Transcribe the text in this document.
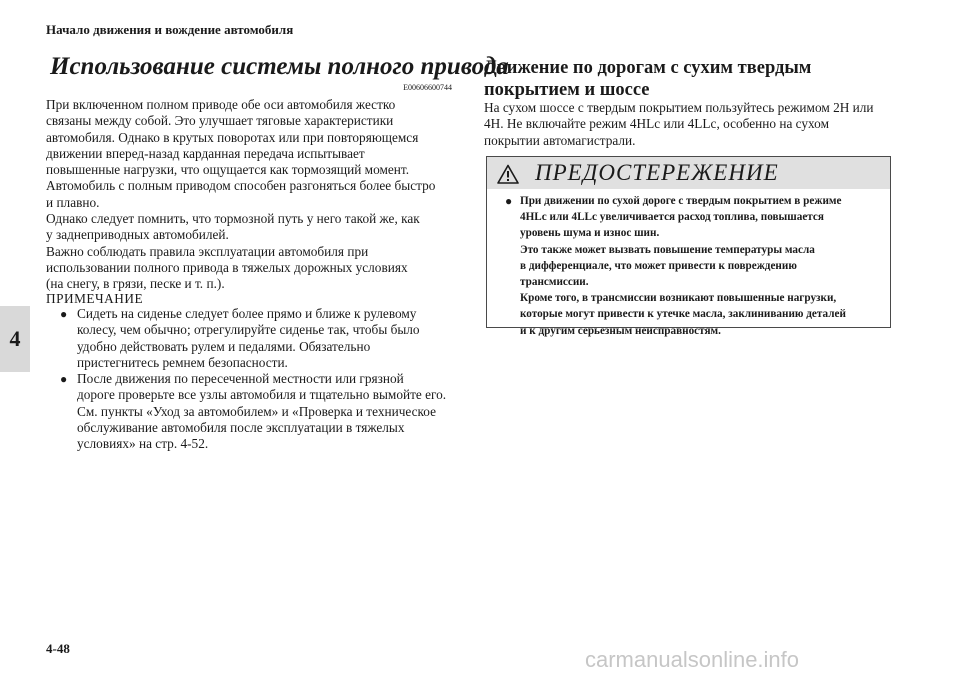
Начало движения и вождение автомобиля
4
Использование системы полного привода
E00606600744

При включенном полном приводе обе оси автомобиля жестко
связаны между собой. Это улучшает тяговые характеристики
автомобиля. Однако в крутых поворотах или при повторяющемся
движении вперед-назад карданная передача испытывает
повышенные нагрузки, что ощущается как тормозящий момент.
Автомобиль с полным приводом способен разгоняться более быстро
и плавно.

Однако следует помнить, что тормозной путь у него такой же, как
у заднеприводных автомобилей.

Важно соблюдать правила эксплуатации автомобиля при
использовании полного привода в тяжелых дорожных условиях
(на снегу, в грязи, песке и т. п.).

ПРИМЕЧАНИЕ
● Сидеть на сиденье следует более прямо и ближе к рулевому
колесу, чем обычно; отрегулируйте сиденье так, чтобы было
удобно действовать рулем и педалями. Обязательно
пристегнитесь ремнем безопасности.
● После движения по пересеченной местности или грязной
дороге проверьте все узлы автомобиля и тщательно вымойте его.
См. пункты «Уход за автомобилем» и «Проверка и техническое
обслуживание автомобиля после эксплуатации в тяжелых
условиях» на стр. 4-52.
Движение по дорогам с сухим твердым
покрытием и шоссе
На сухом шоссе с твердым покрытием пользуйтесь режимом 2H или
4H. Не включайте режим 4HLc или 4LLc, особенно на сухом
покрытии автомагистрали.
ПРЕДОСТЕРЕЖЕНИЕ
● При движении по сухой дороге с твердым покрытием в режиме
4HLc или 4LLc увеличивается расход топлива, повышается
уровень шума и износ шин.
Это также может вызвать повышение температуры масла
в дифференциале, что может привести к повреждению
трансмиссии.
Кроме того, в трансмиссии возникают повышенные нагрузки,
которые могут привести к утечке масла, заклиниванию деталей
и к другим серьезным неисправностям.
4-48	carmanualsonline.info
